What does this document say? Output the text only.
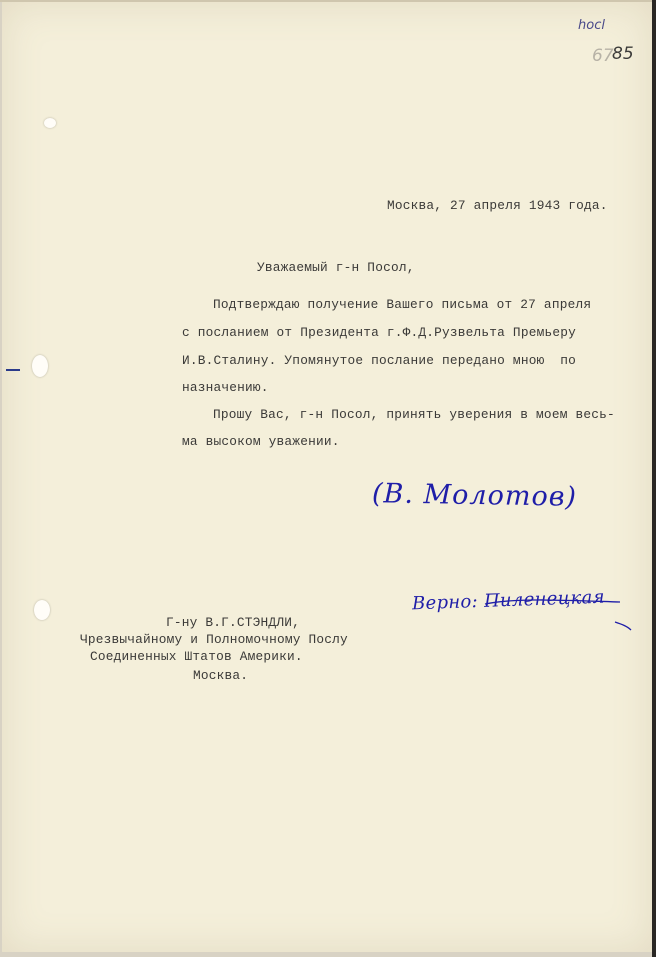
hocl
67
85
Москва, 27 апреля 1943 года.
Уважаемый г-н Посол,
Подтверждаю получение Вашего письма от 27 апреля
с посланием от Президента г.Ф.Д.Рузвельта Премьеру
И.В.Сталину. Упомянутое послание передано мною  по
назначению.
Прошу Вас, г-н Посол, принять уверения в моем весь-
ма высоком уважении.
(В. Молотов)
Верно: Пиленецкая
Г-ну В.Г.СТЭНДЛИ,
Чрезвычайному и Полномочному Послу
Соединенных Штатов Америки.
Москва.
